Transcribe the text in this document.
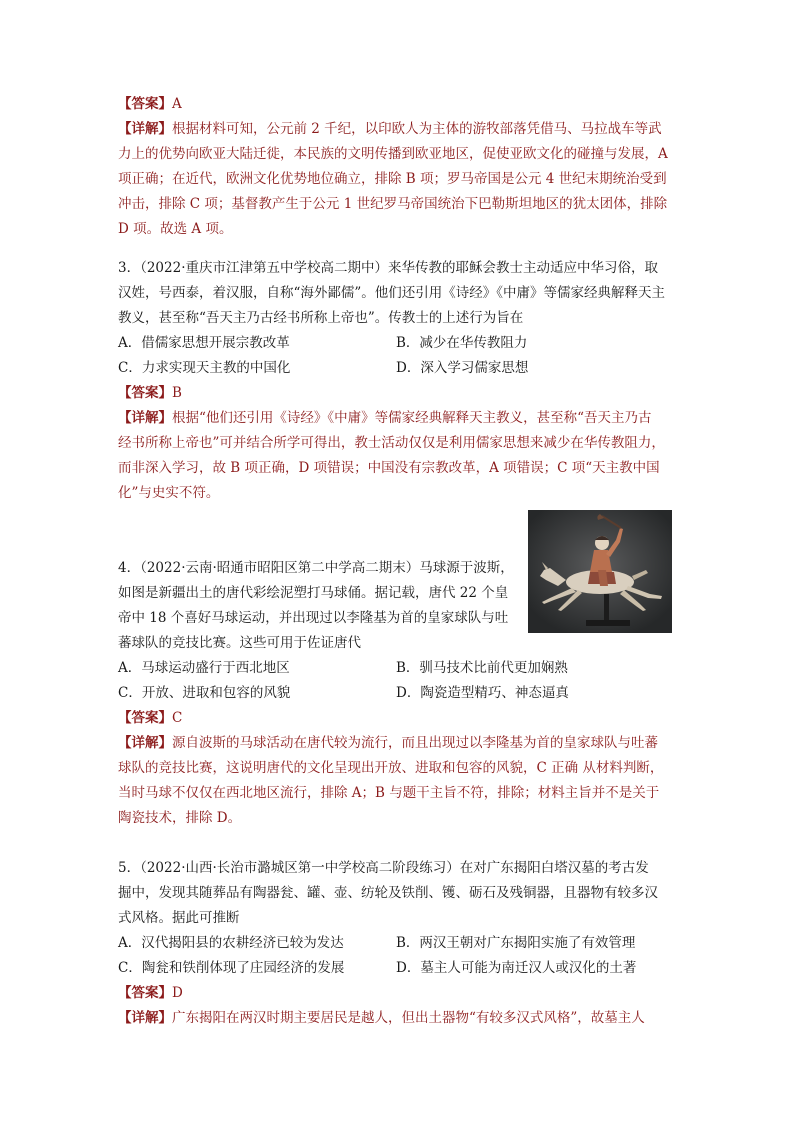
【答案】A
【详解】根据材料可知，公元前 2 千纪，以印欧人为主体的游牧部落凭借马、马拉战车等武
力上的优势向欧亚大陆迁徙，本民族的文明传播到欧亚地区，促使亚欧文化的碰撞与发展，A
项正确；在近代，欧洲文化优势地位确立，排除 B 项；罗马帝国是公元 4 世纪末期统治受到
冲击，排除 C 项；基督教产生于公元 1 世纪罗马帝国统治下巴勒斯坦地区的犹太团体，排除
D 项。故选 A 项。
3．（2022·重庆市江津第五中学校高二期中）来华传教的耶稣会教士主动适应中华习俗，取
汉姓，号西泰，着汉服，自称“海外鄙儒”。他们还引用《诗经》《中庸》等儒家经典解释天主
教义，甚至称“吾天主乃古经书所称上帝也”。传教士的上述行为旨在
A．借儒家思想开展宗教改革	B．减少在华传教阻力
C．力求实现天主教的中国化	D．深入学习儒家思想
【答案】B
【详解】根据“他们还引用《诗经》《中庸》等儒家经典解释天主教义，甚至称“吾天主乃古
经书所称上帝也”可并结合所学可得出，教士活动仅仅是利用儒家思想来减少在华传教阻力，
而非深入学习，故 B 项正确，D 项错误；中国没有宗教改革，A 项错误；C 项“天主教中国
化”与史实不符。
4．（2022·云南·昭通市昭阳区第二中学高二期末）马球源于波斯，
如图是新疆出土的唐代彩绘泥塑打马球俑。据记载，唐代 22 个皇
帝中 18 个喜好马球运动，并出现过以李隆基为首的皇家球队与吐
蕃球队的竞技比赛。这些可用于佐证唐代
A．马球运动盛行于西北地区	B．驯马技术比前代更加娴熟
C．开放、进取和包容的风貌	D．陶瓷造型精巧、神态逼真
【答案】C
【详解】源自波斯的马球活动在唐代较为流行，而且出现过以李隆基为首的皇家球队与吐蕃
球队的竞技比赛，这说明唐代的文化呈现出开放、进取和包容的风貌，C 正确 从材料判断，
当时马球不仅仅在西北地区流行，排除 A；B 与题干主旨不符，排除；材料主旨并不是关于
陶瓷技术，排除 D。
5．（2022·山西·长治市潞城区第一中学校高二阶段练习）在对广东揭阳白塔汉墓的考古发
掘中，发现其随葬品有陶器瓮、罐、壶、纺轮及铁削、镬、砺石及残铜器，且器物有较多汉
式风格。据此可推断
A．汉代揭阳县的农耕经济已较为发达	B．两汉王朝对广东揭阳实施了有效管理
C．陶瓮和铁削体现了庄园经济的发展	D．墓主人可能为南迁汉人或汉化的土著
【答案】D
【详解】广东揭阳在两汉时期主要居民是越人，但出土器物“有较多汉式风格”，故墓主人
